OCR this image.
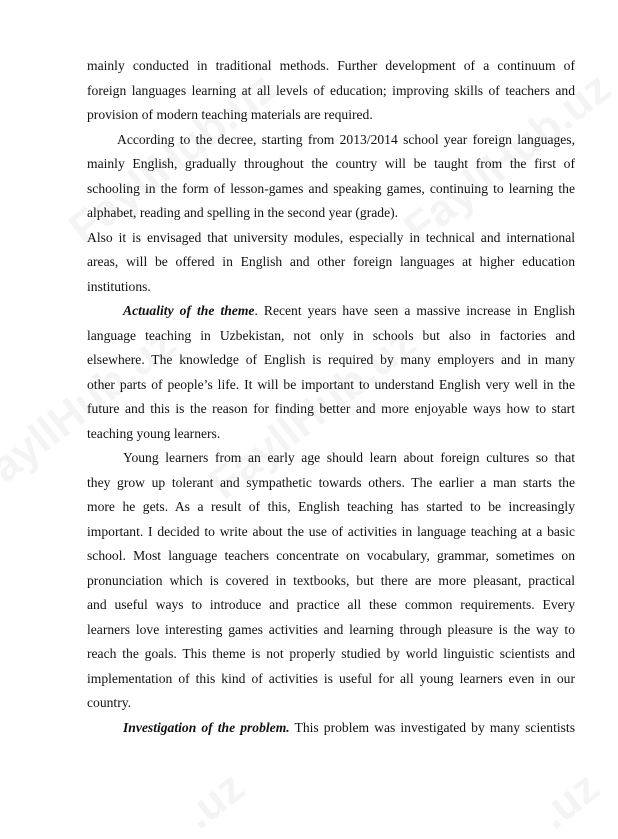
mainly conducted in traditional methods. Further development of a continuum of
foreign languages learning at all levels of education; improving skills of teachers and
provision of modern teaching materials are required.
According to the decree, starting from 2013/2014 school year foreign languages,
mainly English, gradually throughout the country will be taught from the first of
schooling in the form of lesson-games and speaking games, continuing to learning the
alphabet, reading and spelling in the second year (grade).
Also it is envisaged that university modules, especially in technical and international
areas, will be offered in English and other foreign languages at higher education
institutions.
Actuality of the theme. Recent years have seen a massive increase in English
language teaching in Uzbekistan, not only in schools but also in factories and
elsewhere. The knowledge of English is required by many employers and in many
other parts of people’s life. It will be important to understand English very well in the
future and this is the reason for finding better and more enjoyable ways how to start
teaching young learners.
Young learners from an early age should learn about foreign cultures so that
they grow up tolerant and sympathetic towards others. The earlier a man starts the
more he gets. As a result of this, English teaching has started to be increasingly
important. I decided to write about the use of activities in language teaching at a basic
school. Most language teachers concentrate on vocabulary, grammar, sometimes on
pronunciation which is covered in textbooks, but there are more pleasant, practical
and useful ways to introduce and practice all these common requirements. Every
learners love interesting games activities and learning through pleasure is the way to
reach the goals. This theme is not properly studied by world linguistic scientists and
implementation of this kind of activities is useful for all young learners even in our
country.
Investigation of the problem. This problem was investigated by many scientists
